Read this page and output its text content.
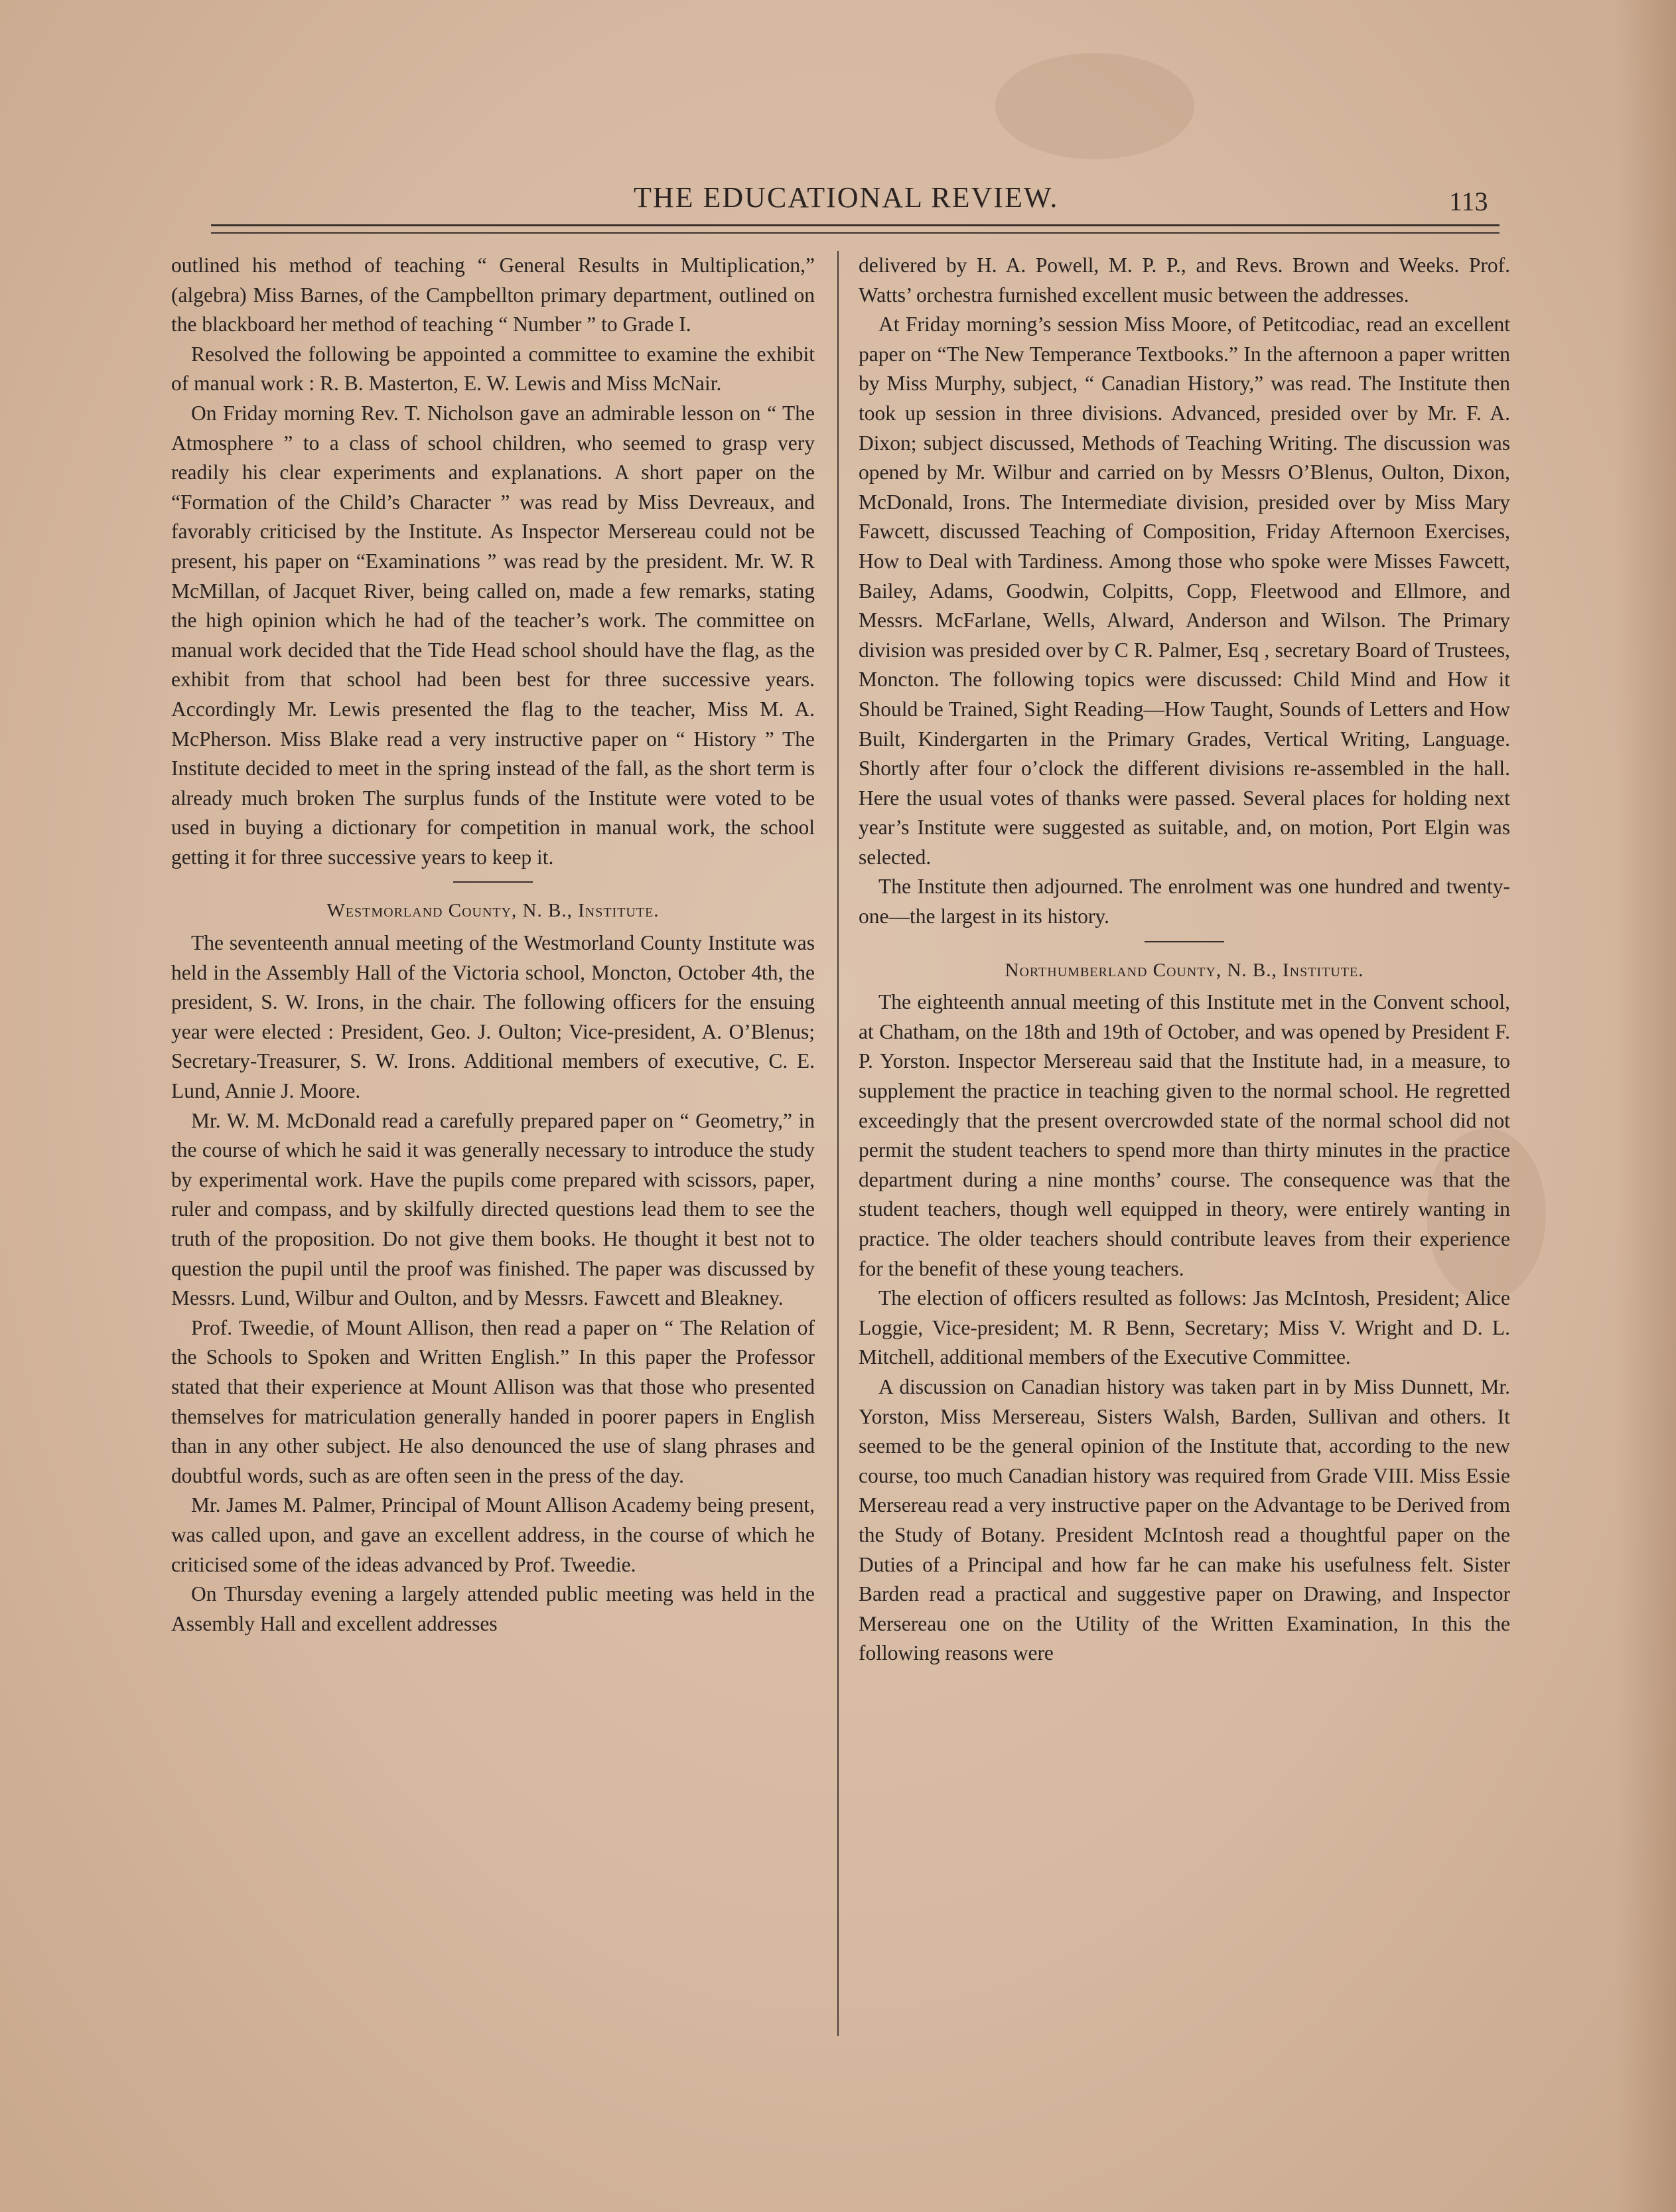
THE EDUCATIONAL REVIEW.	113

outlined his method of teaching “ General Results in Multiplication,” (algebra) Miss Barnes, of the Campbellton primary department, outlined on the blackboard her method of teaching “ Number ” to Grade I.

Resolved the following be appointed a committee to examine the exhibit of manual work : R. B. Masterton, E. W. Lewis and Miss McNair.

On Friday morning Rev. T. Nicholson gave an admirable lesson on “ The Atmosphere ” to a class of school children, who seemed to grasp very readily his clear experiments and explanations. A short paper on the “Formation of the Child’s Character ” was read by Miss Devreaux, and favorably criticised by the Institute. As Inspector Mersereau could not be present, his paper on “Examinations ” was read by the president. Mr. W. R McMillan, of Jacquet River, being called on, made a few remarks, stating the high opinion which he had of the teacher’s work. The committee on manual work decided that the Tide Head school should have the flag, as the exhibit from that school had been best for three successive years. Accordingly Mr. Lewis presented the flag to the teacher, Miss M. A. McPherson. Miss Blake read a very instructive paper on “ History ” The Institute decided to meet in the spring instead of the fall, as the short term is already much broken The surplus funds of the Institute were voted to be used in buying a dictionary for competition in manual work, the school getting it for three successive years to keep it.

Westmorland County, N. B., Institute.

The seventeenth annual meeting of the Westmorland County Institute was held in the Assembly Hall of the Victoria school, Moncton, October 4th, the president, S. W. Irons, in the chair. The following officers for the ensuing year were elected : President, Geo. J. Oulton; Vice-president, A. O’Blenus; Secretary-Treasurer, S. W. Irons. Additional members of executive, C. E. Lund, Annie J. Moore.

Mr. W. M. McDonald read a carefully prepared paper on “ Geometry,” in the course of which he said it was generally necessary to introduce the study by experimental work. Have the pupils come prepared with scissors, paper, ruler and compass, and by skilfully directed questions lead them to see the truth of the proposition. Do not give them books. He thought it best not to question the pupil until the proof was finished. The paper was discussed by Messrs. Lund, Wilbur and Oulton, and by Messrs. Fawcett and Bleakney.

Prof. Tweedie, of Mount Allison, then read a paper on “ The Relation of the Schools to Spoken and Written English.” In this paper the Professor stated that their experience at Mount Allison was that those who presented themselves for matriculation generally handed in poorer papers in English than in any other subject. He also denounced the use of slang phrases and doubtful words, such as are often seen in the press of the day.

Mr. James M. Palmer, Principal of Mount Allison Academy being present, was called upon, and gave an excellent address, in the course of which he criticised some of the ideas advanced by Prof. Tweedie.

On Thursday evening a largely attended public meeting was held in the Assembly Hall and excellent addresses

delivered by H. A. Powell, M. P. P., and Revs. Brown and Weeks. Prof. Watts’ orchestra furnished excellent music between the addresses.

At Friday morning’s session Miss Moore, of Petitcodiac, read an excellent paper on “The New Temperance Textbooks.” In the afternoon a paper written by Miss Murphy, subject, “ Canadian History,” was read. The Institute then took up session in three divisions. Advanced, presided over by Mr. F. A. Dixon; subject discussed, Methods of Teaching Writing. The discussion was opened by Mr. Wilbur and carried on by Messrs O’Blenus, Oulton, Dixon, McDonald, Irons. The Intermediate division, presided over by Miss Mary Fawcett, discussed Teaching of Composition, Friday Afternoon Exercises, How to Deal with Tardiness. Among those who spoke were Misses Fawcett, Bailey, Adams, Goodwin, Colpitts, Copp, Fleetwood and Ellmore, and Messrs. McFarlane, Wells, Alward, Anderson and Wilson. The Primary division was presided over by C R. Palmer, Esq , secretary Board of Trustees, Moncton. The following topics were discussed: Child Mind and How it Should be Trained, Sight Reading—How Taught, Sounds of Letters and How Built, Kindergarten in the Primary Grades, Vertical Writing, Language. Shortly after four o’clock the different divisions re-assembled in the hall. Here the usual votes of thanks were passed. Several places for holding next year’s Institute were suggested as suitable, and, on motion, Port Elgin was selected.

The Institute then adjourned. The enrolment was one hundred and twenty-one—the largest in its history.

Northumberland County, N. B., Institute.

The eighteenth annual meeting of this Institute met in the Convent school, at Chatham, on the 18th and 19th of October, and was opened by President F. P. Yorston. Inspector Mersereau said that the Institute had, in a measure, to supplement the practice in teaching given to the normal school. He regretted exceedingly that the present overcrowded state of the normal school did not permit the student teachers to spend more than thirty minutes in the practice department during a nine months’ course. The consequence was that the student teachers, though well equipped in theory, were entirely wanting in practice. The older teachers should contribute leaves from their experience for the benefit of these young teachers.

The election of officers resulted as follows: Jas McIntosh, President; Alice Loggie, Vice-president; M. R Benn, Secretary; Miss V. Wright and D. L. Mitchell, additional members of the Executive Committee.

A discussion on Canadian history was taken part in by Miss Dunnett, Mr. Yorston, Miss Mersereau, Sisters Walsh, Barden, Sullivan and others. It seemed to be the general opinion of the Institute that, according to the new course, too much Canadian history was required from Grade VIII. Miss Essie Mersereau read a very instructive paper on the Advantage to be Derived from the Study of Botany. President McIntosh read a thoughtful paper on the Duties of a Principal and how far he can make his usefulness felt. Sister Barden read a practical and suggestive paper on Drawing, and Inspector Mersereau one on the Utility of the Written Examination, In this the following reasons were
